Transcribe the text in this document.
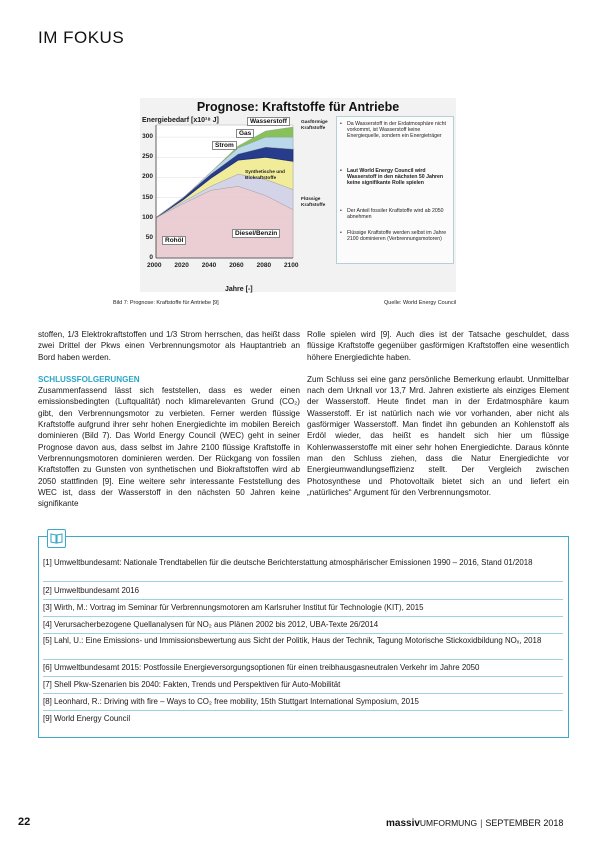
IM FOKUS
Prognose: Kraftstoffe für Antriebe
Energiebedarf [x10¹⁸ J]
0
50
100
150
200
250
300
2000 2020 2040 2060 2080 2100
Jahre [-]
Rohöl
Diesel/Benzin
Synthetische und Biokraftstoffe
Strom
Gas
Wasserstoff	Gasförmige Kraftstoffe
Flüssige Kraftstoffe
• Da Wasserstoff in der Erdatmosphäre nicht vorkommt, ist Wasserstoff keine Energiequelle, sondern ein Energieträger
• Laut World Energy Council wird Wasserstoff in den nächsten 50 Jahren keine signifikante Rolle spielen
• Der Anteil fossiler Kraftstoffe wird ab 2050 abnehmen
• Flüssige Kraftstoffe werden selbst im Jahre 2100 dominieren (Verbrennungsmotoren)
Bild 7: Prognose: Kraftstoffe für Antriebe [9]	Quelle: World Energy Council

stoffen, 1/3 Elektrokraftstoffen und 1/3 Strom herrschen, das heißt dass zwei Drittel der Pkws einen Verbrennungsmotor als Hauptantrieb an Bord haben werden.

SCHLUSSFOLGERUNGEN

Zusammenfassend lässt sich feststellen, dass es weder einen emissionsbedingten (Luftqualität) noch klimarelevanten Grund (CO₂) gibt, den Verbrennungsmotor zu verbieten. Ferner werden flüssige Kraftstoffe aufgrund ihrer sehr hohen Energiedichte im mobilen Bereich dominieren (Bild 7). Das World Energy Council (WEC) geht in seiner Prognose davon aus, dass selbst im Jahre 2100 flüssige Kraftstoffe in Verbrennungsmotoren dominieren werden. Der Rückgang von fossilen Kraftstoffen zu Gunsten von synthetischen und Biokraftstoffen wird ab 2050 stattfinden [9]. Eine weitere sehr interessante Feststellung des WEC ist, dass der Wasserstoff in den nächsten 50 Jahren keine signifikante

Rolle spielen wird [9]. Auch dies ist der Tatsache geschuldet, dass flüssige Kraftstoffe gegenüber gasförmigen Kraftstoffen eine wesentlich höhere Energiedichte haben.

Zum Schluss sei eine ganz persönliche Bemerkung erlaubt. Unmittelbar nach dem Urknall vor 13,7 Mrd. Jahren existierte als einziges Element der Wasserstoff. Heute findet man in der Erdatmosphäre kaum Wasserstoff. Er ist natürlich nach wie vor vorhanden, aber nicht als gasförmiger Wasserstoff. Man findet ihn gebunden an Kohlenstoff als Erdöl wieder, das heißt es handelt sich hier um flüssige Kohlenwasserstoffe mit einer sehr hohen Energiedichte. Daraus könnte man den Schluss ziehen, dass die Natur Energiedichte vor Energieumwandlungseffizienz stellt. Der Vergleich zwischen Photosynthese und Photovoltaik bietet sich an und liefert ein „natürliches“ Argument für den Verbrennungsmotor.

[1] Umweltbundesamt: Nationale Trendtabellen für die deutsche Berichterstattung atmosphärischer Emissionen 1990 – 2016, Stand 01/2018
[2] Umweltbundesamt 2016
[3] Wirth, M.: Vortrag im Seminar für Verbrennungsmotoren am Karlsruher Institut für Technologie (KIT), 2015
[4] Verursacherbezogene Quellanalysen für NO₂ aus Plänen 2002 bis 2012, UBA-Texte 26/2014
[5] Lahl, U.: Eine Emissions- und Immissionsbewertung aus Sicht der Politik, Haus der Technik, Tagung Motorische Stickoxidbildung NOₓ, 2018
[6] Umweltbundesamt 2015: Postfossile Energieversorgungsoptionen für einen treibhausgasneutralen Verkehr im Jahre 2050
[7] Shell Pkw-Szenarien bis 2040: Fakten, Trends und Perspektiven für Auto-Mobilität
[8] Leonhard, R.: Driving with fire – Ways to CO₂ free mobility, 15th Stuttgart International Symposium, 2015
[9] World Energy Council
22	massivUMFORMUNG | SEPTEMBER 2018
